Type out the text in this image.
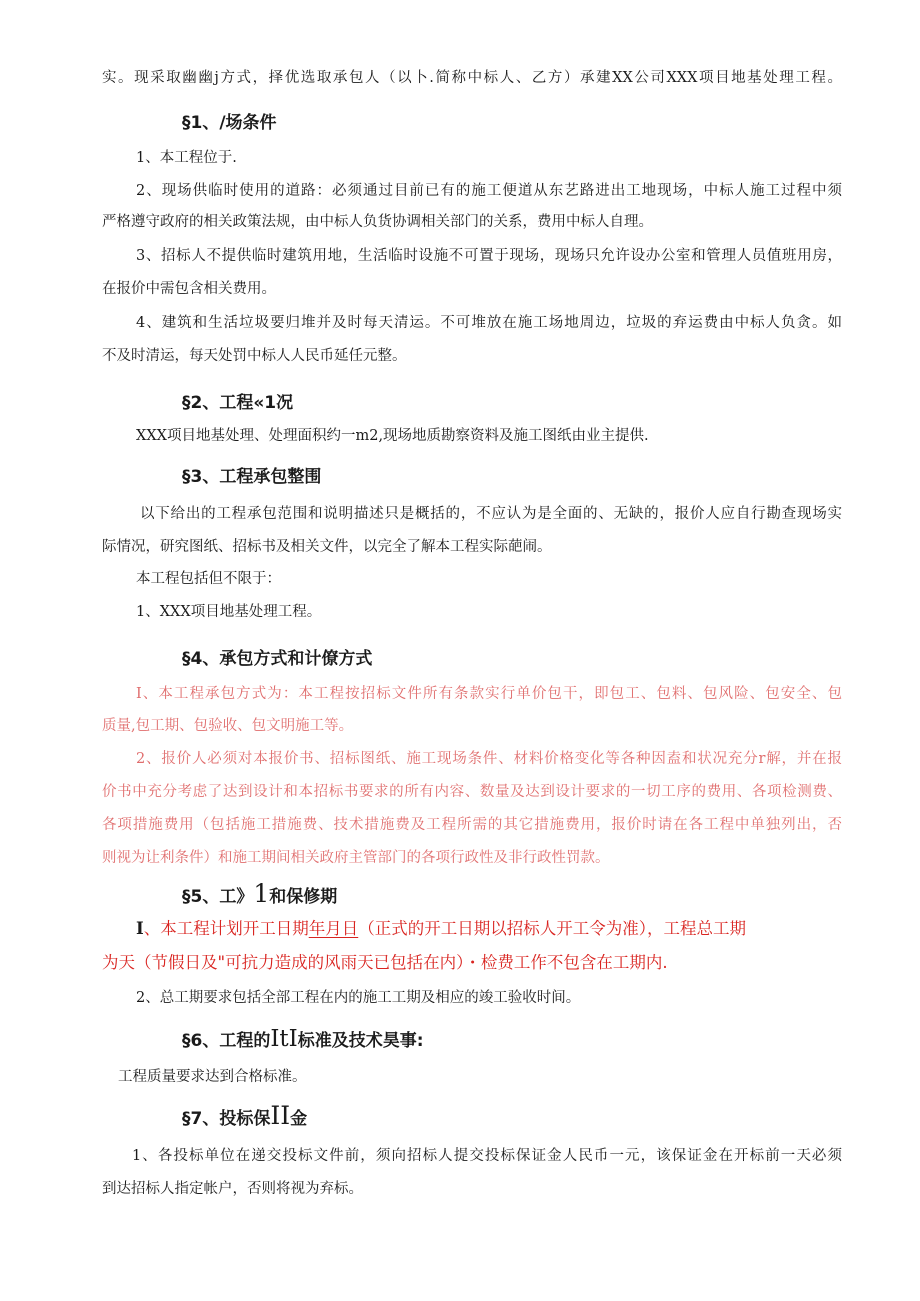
实。现采取幽幽j方式，择优选取承包人（以卜.简称中标人、乙方）承建XX公司XXX项目地基处理工程。
§1、/场条件
1、本工程位于.
2、现场供临时使用的道路：必须通过目前已有的施工便道从东艺路进出工地现场，中标人施工过程中须
严格遵守政府的相关政策法规，由中标人负货协调相关部门的关系，费用中标人自理。
3、招标人不提供临时建筑用地，生活临时设施不可置于现场，现场只允许设办公室和管理人员值班用房，
在报价中需包含相关费用。
4、建筑和生活垃圾要归堆并及时每天清运。不可堆放在施工场地周边，垃圾的弃运费由中标人负贪。如
不及时清运，每天处罚中标人人民币延任元整。
§2、工程«1况
XXX项目地基处理、处理面积约一m2,现场地质勘察资料及施工图纸由业主提供.
§3、工程承包整围
以下给出的工程承包范围和说明描述只是概括的，不应认为是全面的、无缺的，报价人应自行勘查现场实
际情况，研究图纸、招标书及相关文件，以完全了解本工程实际葩闹。
本工程包括但不限于：
1、XXX项目地基处理工程。
§4、承包方式和计僚方式
I、本工程承包方式为：本工程按招标文件所有条款实行单价包干，即包工、包料、包风险、包安全、包
质量,包工期、包验收、包文明施工等。
2、报价人必须对本报价书、招标图纸、施工现场条件、材料价格变化等各种因盍和状况充分r解，并在报
价书中充分考虑了达到设计和本招标书要求的所有内容、数量及达到设计要求的一切工序的费用、各项检测费、
各项措施费用（包括施工措施费、技术措施费及工程所需的其它措施费用，报价时请在各工程中单独列出，否
则视为让利条件）和施工期间相关政府主管部门的各项行政性及非行政性罚款。
§5、工》1和保修期
I、本工程计划开工日期年月日（正式的开工日期以招标人开工令为准），工程总工期
为天（节假日及"可抗力造成的风雨天已包括在内）・检费工作不包含在工期内.
2、总工期要求包括全部工程在内的施工工期及相应的竣工验收时间。
§6、工程的ItI标准及技术昊事:
工程质量要求达到合格标准。
§7、投标保II金
1、各投标单位在递交投标文件前，须向招标人提交投标保证金人民币一元，该保证金在开标前一天必须
到达招标人指定帐户，否则将视为弃标。
